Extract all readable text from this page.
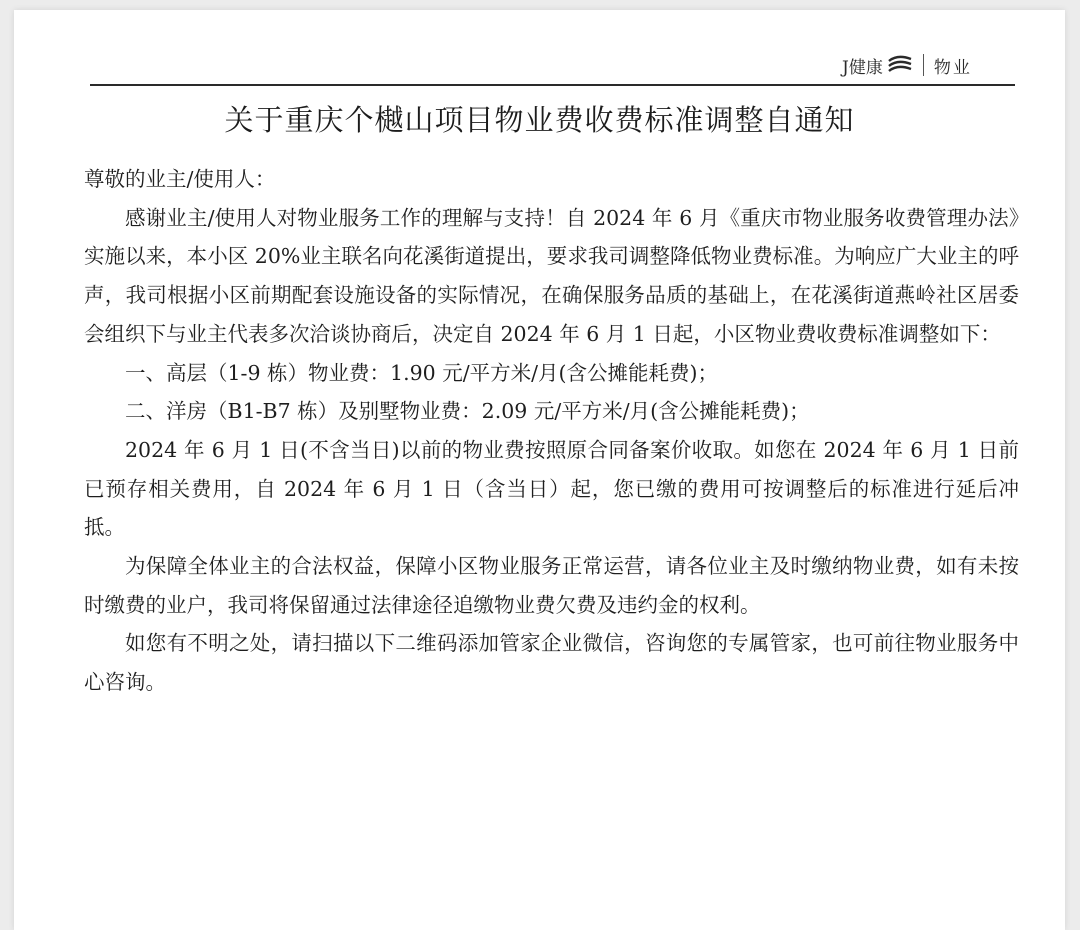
J健康	物业
关于重庆个樾山项目物业费收费标准调整自通知

尊敬的业主/使用人：

感谢业主/使用人对物业服务工作的理解与支持！自 2024 年 6 月《重庆市物业服务收费管理办法》实施以来，本小区 20%业主联名向花溪街道提出，要求我司调整降低物业费标准。为响应广大业主的呼声，我司根据小区前期配套设施设备的实际情况，在确保服务品质的基础上，在花溪街道燕岭社区居委会组织下与业主代表多次洽谈协商后，决定自 2024 年 6 月 1 日起，小区物业费收费标准调整如下：

一、高层（1-9 栋）物业费：1.90 元/平方米/月(含公摊能耗费)；

二、洋房（B1-B7 栋）及别墅物业费：2.09 元/平方米/月(含公摊能耗费)；

2024 年 6 月 1 日(不含当日)以前的物业费按照原合同备案价收取。如您在 2024 年 6 月 1 日前已预存相关费用，自 2024 年 6 月 1 日（含当日）起，您已缴的费用可按调整后的标准进行延后冲抵。

为保障全体业主的合法权益，保障小区物业服务正常运营，请各位业主及时缴纳物业费，如有未按时缴费的业户，我司将保留通过法律途径追缴物业费欠费及违约金的权利。

如您有不明之处，请扫描以下二维码添加管家企业微信，咨询您的专属管家，也可前往物业服务中心咨询。
